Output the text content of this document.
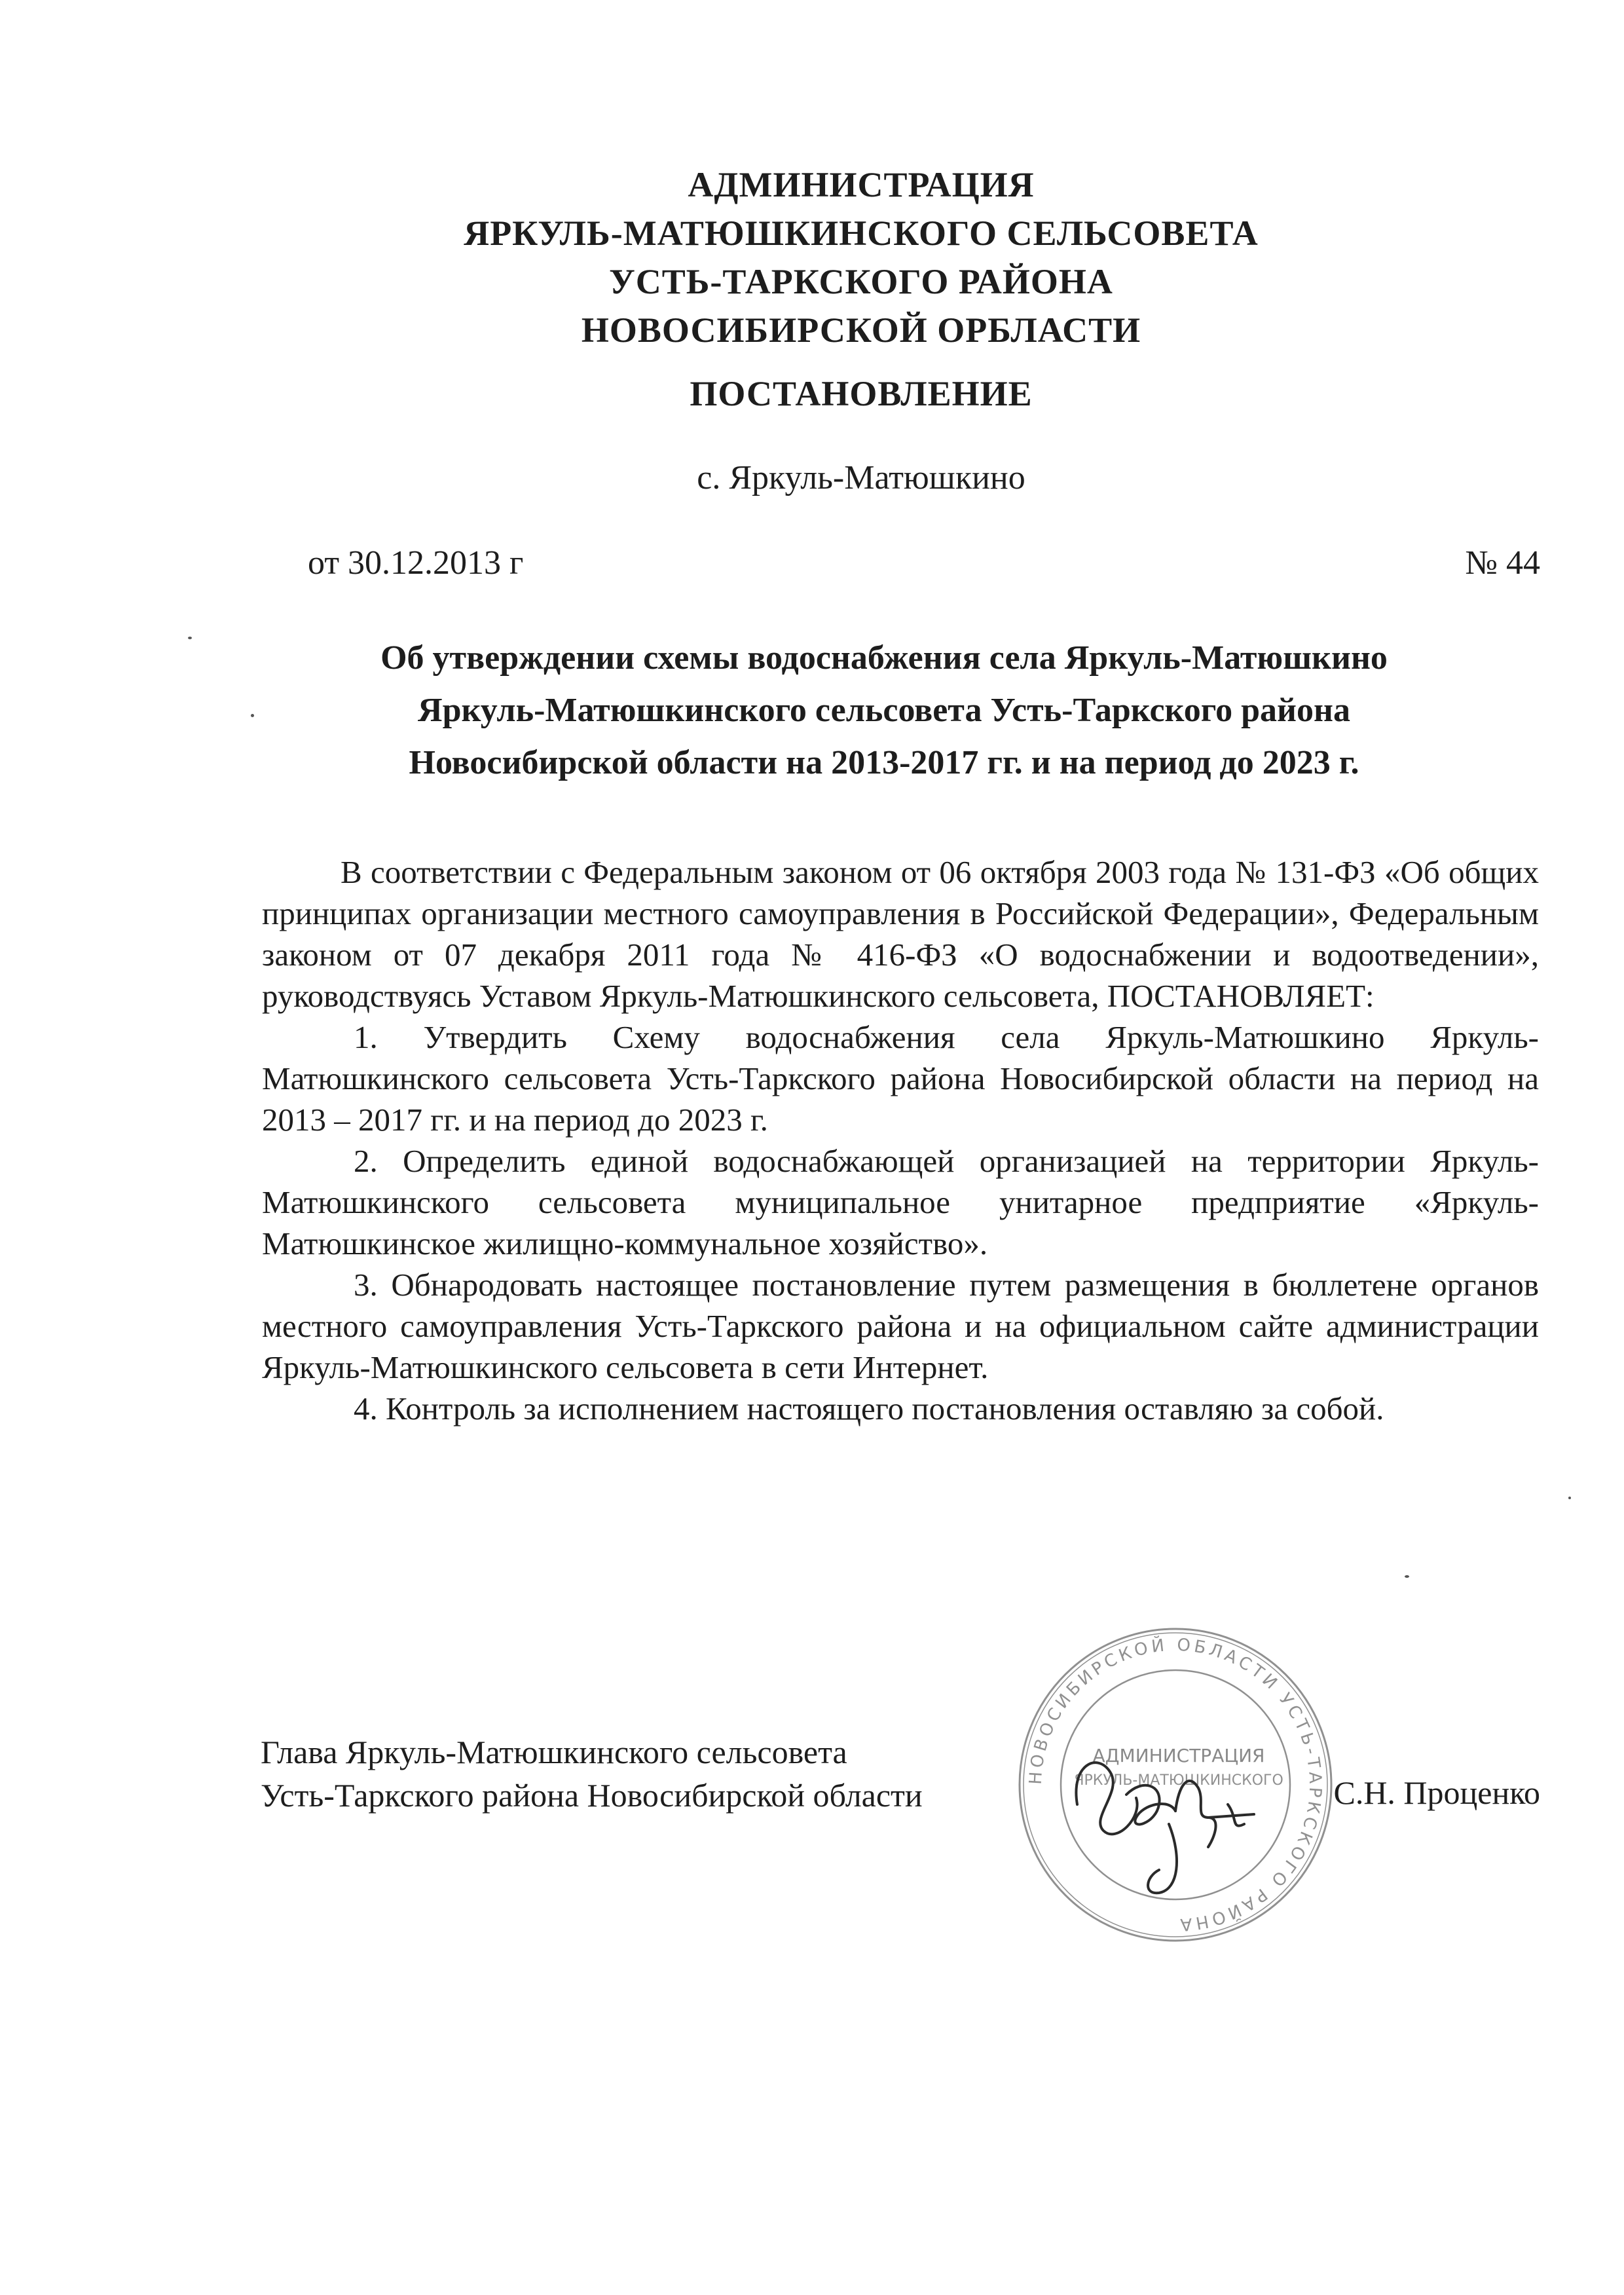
АДМИНИСТРАЦИЯ
ЯРКУЛЬ-МАТЮШКИНСКОГО СЕЛЬСОВЕТА
УСТЬ-ТАРКСКОГО РАЙОНА
НОВОСИБИРСКОЙ ОРБЛАСТИ
ПОСТАНОВЛЕНИЕ
с. Яркуль-Матюшкино
от 30.12.2013 г	№ 44
Об утверждении схемы водоснабжения села Яркуль-Матюшкино
Яркуль-Матюшкинского сельсовета Усть-Таркского района
Новосибирской области на 2013-2017 гг. и на период до 2023 г.

В соответствии с Федеральным законом от 06 октября 2003 года № 131-ФЗ «Об общих принципах организации местного самоуправления в Российской Федерации», Федеральным законом от 07 декабря 2011 года № 416-ФЗ «О водоснабжении и водоотведении», руководствуясь Уставом Яркуль-Матюшкинского сельсовета, ПОСТАНОВЛЯЕТ:

1. Утвердить Схему водоснабжения села Яркуль-Матюшкино Яркуль-Матюшкинского сельсовета Усть-Таркского района Новосибирской области на период на 2013 – 2017 гг. и на период до 2023 г.

2. Определить единой водоснабжающей организацией на территории Яркуль-Матюшкинского сельсовета муниципальное унитарное предприятие «Яркуль-Матюшкинское жилищно-коммунальное хозяйство».

3. Обнародовать настоящее постановление путем размещения в бюллетене органов местного самоуправления Усть-Таркского района и на официальном сайте администрации Яркуль-Матюшкинского сельсовета в сети Интернет.

4. Контроль за исполнением настоящего постановления оставляю за собой.

Глава Яркуль-Матюшкинского сельсовета
Усть-Таркского района Новосибирской области	С.Н. Проценко
НОВОСИБИРСКОЙ ОБЛАСТИ УСТЬ-ТАРКСКОГО РАЙОНА
АДМИНИСТРАЦИЯ
ЯРКУЛЬ-МАТЮШКИНСКОГО
